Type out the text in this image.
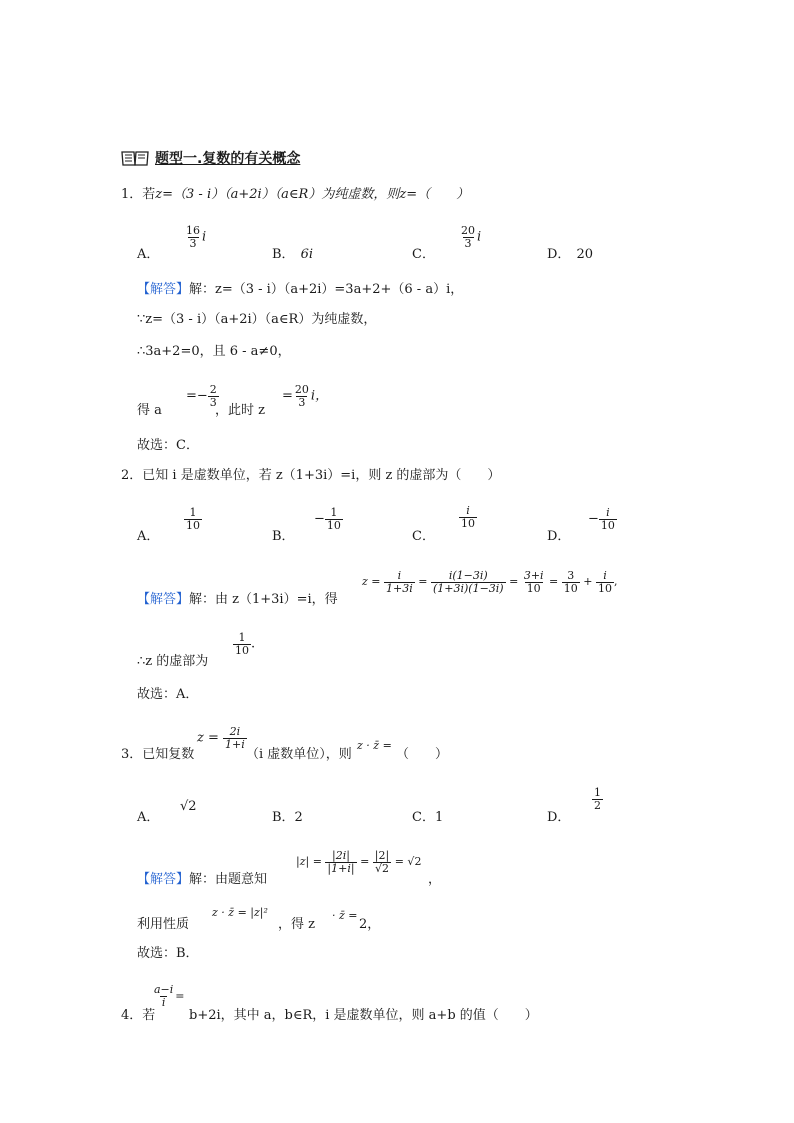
题型一.复数的有关概念
1．若z=（3 - i）（a+2i）（a∈R）为纯虚数，则z=（　　）
A．
$\frac{16}{3}$ i
B． 6i	C．
$\frac{20}{3}$ i
D． 20
【解答】解：z=（3 - i）（a+2i）=3a+2+（6 - a）i，
∵z=（3 - i）（a+2i）（a∈R）为纯虚数，
∴3a+2=0，且 6 - a≠0，
得 a
=− $\frac{2}{3}$
，此时 z
= $\frac{20}{3}$ i，
故选：C．
2．已知 i 是虚数单位，若 z（1+3i）=i，则 z 的虚部为（　　）
A．
$\frac{1}{10}$
B．
− $\frac{1}{10}$
C．
$\frac{i}{10}$
D．
− $\frac{i}{10}$
【解答】解：由 z（1+3i）=i，得
$z = \frac{i}{1+3i} = \frac{i(1-3i)}{(1+3i)(1-3i)} = \frac{3+i}{10} = \frac{3}{10} + \frac{i}{10}$ ,
∴z 的虚部为
$\frac{1}{10}$ .
故选：A．
3．已知复数
$z = \frac{2i}{1+i}$
（i 虚数单位），则
z · z̄ =
（　　）
A．
√2
B．2	C．1	D．
$\frac{1}{2}$
【解答】解：由题意知
$|z| = \frac{|2i|}{|1+i|} = \frac{|2|}{√2} = √2$
，
利用性质
z · z̄ = |z|²
，得 z
· z̄ =
2，
故选：B．
$\frac{a-i}{i}$ =
4．若	b+2i，其中 a，b∈R，i 是虚数单位，则 a+b 的值（　　）
